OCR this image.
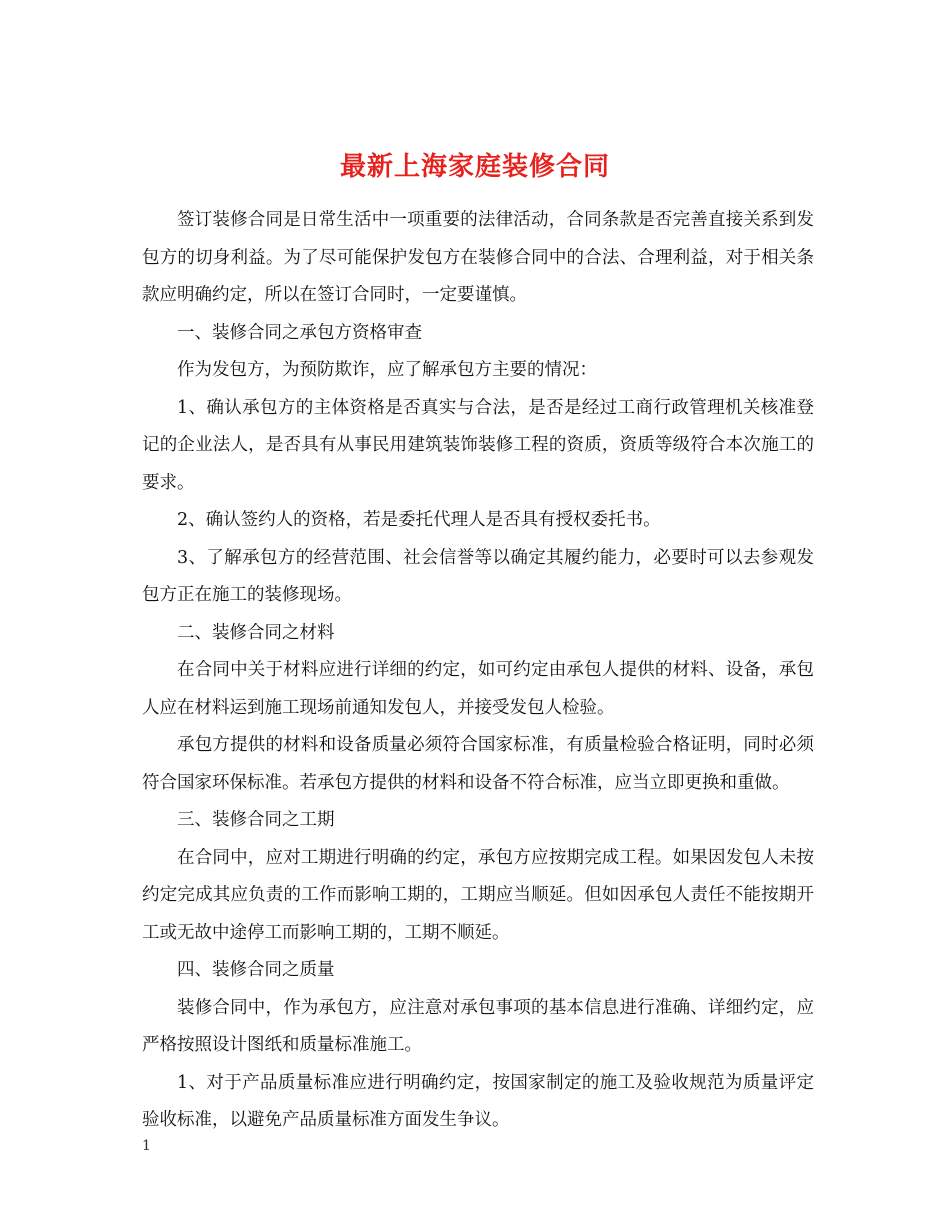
最新上海家庭装修合同

签订装修合同是日常生活中一项重要的法律活动，合同条款是否完善直接关系到发包方的切身利益。为了尽可能保护发包方在装修合同中的合法、合理利益，对于相关条款应明确约定，所以在签订合同时，一定要谨慎。

一、装修合同之承包方资格审查

作为发包方，为预防欺诈，应了解承包方主要的情况：

1、确认承包方的主体资格是否真实与合法，是否是经过工商行政管理机关核准登记的企业法人，是否具有从事民用建筑装饰装修工程的资质，资质等级符合本次施工的要求。

2、确认签约人的资格，若是委托代理人是否具有授权委托书。

3、了解承包方的经营范围、社会信誉等以确定其履约能力，必要时可以去参观发包方正在施工的装修现场。

二、装修合同之材料

在合同中关于材料应进行详细的约定，如可约定由承包人提供的材料、设备，承包人应在材料运到施工现场前通知发包人，并接受发包人检验。

承包方提供的材料和设备质量必须符合国家标准，有质量检验合格证明，同时必须符合国家环保标准。若承包方提供的材料和设备不符合标准，应当立即更换和重做。

三、装修合同之工期

在合同中，应对工期进行明确的约定，承包方应按期完成工程。如果因发包人未按约定完成其应负责的工作而影响工期的，工期应当顺延。但如因承包人责任不能按期开工或无故中途停工而影响工期的，工期不顺延。

四、装修合同之质量

装修合同中，作为承包方，应注意对承包事项的基本信息进行准确、详细约定，应严格按照设计图纸和质量标准施工。

1、对于产品质量标准应进行明确约定，按国家制定的施工及验收规范为质量评定验收标准，以避免产品质量标准方面发生争议。

1
